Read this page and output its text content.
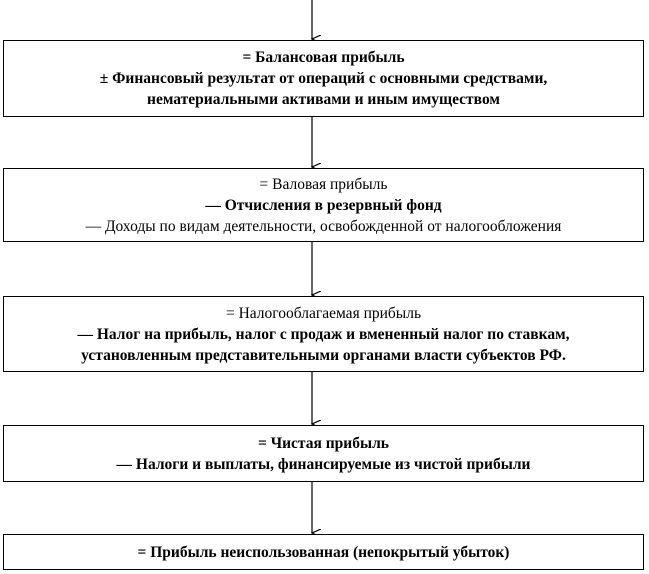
= Балансовая прибыль
± Финансовый результат от операций с основными средствами,
нематериальными активами и иным имуществом
= Валовая прибыль
— Отчисления в резервный фонд
— Доходы по видам деятельности, освобожденной от налогообложения
= Налогооблагаемая прибыль
— Налог на прибыль, налог с продаж и вмененный налог по ставкам,
установленным представительными органами власти субъектов РФ.
= Чистая прибыль
— Налоги и выплаты, финансируемые из чистой прибыли
= Прибыль неиспользованная (непокрытый убыток)
